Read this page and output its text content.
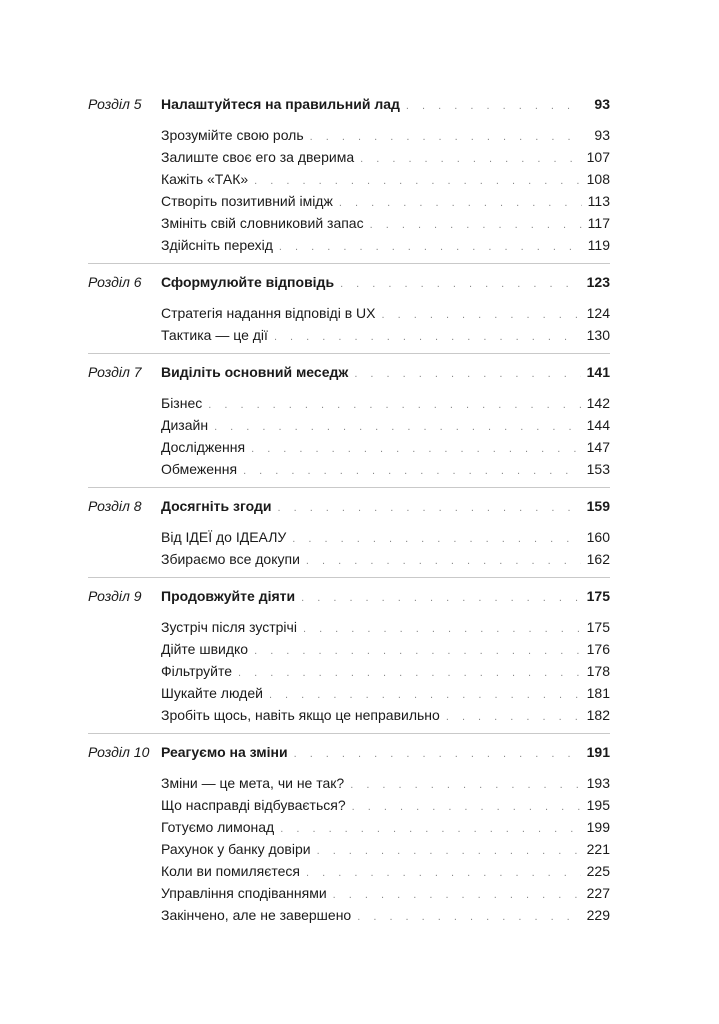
Розділ 5	Налаштуйтеся на правильний лад . . .	93
Зрозумійте свою роль . . .	93
Залиште своє его за дверима . . .	107
Кажіть «ТАК» . . .	108
Створіть позитивний імідж . . .	113
Змініть свій словниковий запас . . .	117
Здійсніть перехід . . .	119
Розділ 6	Сформулюйте відповідь . . .	123
Стратегія надання відповіді в UX . . .	124
Тактика — це дії . . .	130
Розділ 7	Виділіть основний меседж . . .	141
Бізнес . . .	142
Дизайн . . .	144
Дослідження . . .	147
Обмеження . . .	153
Розділ 8	Досягніть згоди . . .	159
Від ІДЕЇ до ІДЕАЛУ . . .	160
Збираємо все докупи . . .	162
Розділ 9	Продовжуйте діяти . . .	175
Зустріч після зустрічі . . .	175
Дійте швидко . . .	176
Фільтруйте . . .	178
Шукайте людей . . .	181
Зробіть щось, навіть якщо це неправильно . . .	182
Розділ 10 Реагуємо на зміни . . .	191
Зміни — це мета, чи не так? . . .	193
Що насправді відбувається? . . .	195
Готуємо лимонад . . .	199
Рахунок у банку довіри . . .	221
Коли ви помиляєтеся . . .	225
Управління сподіваннями . . .	227
Закінчено, але не завершено . . .	229
